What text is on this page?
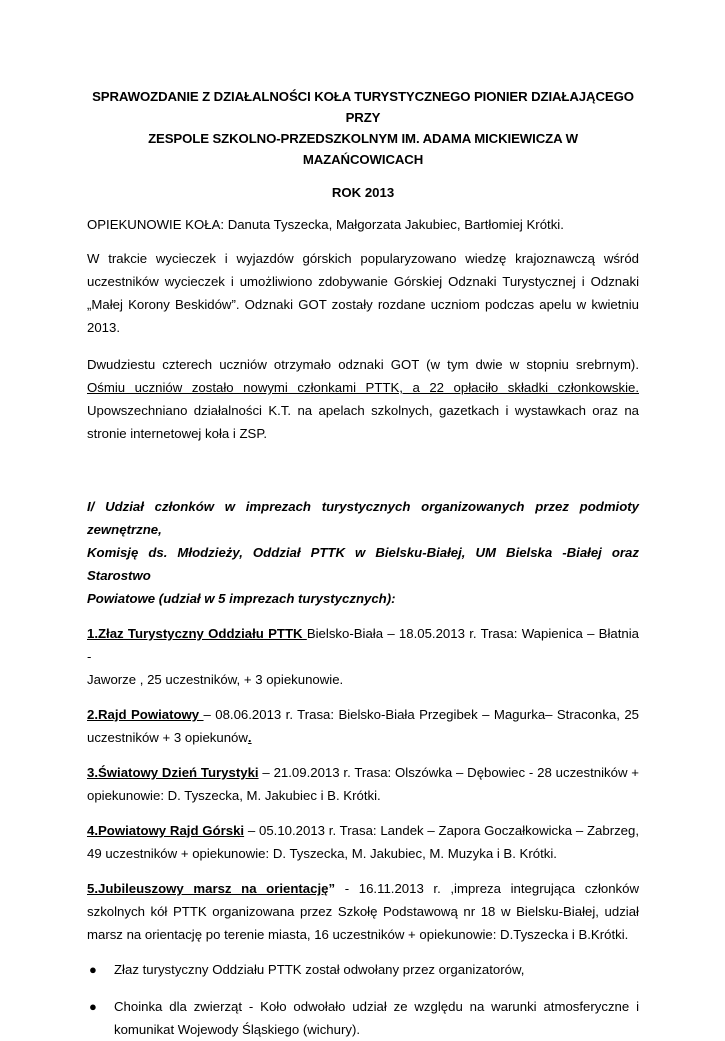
SPRAWOZDANIE Z DZIAŁALNOŚCI KOŁA TURYSTYCZNEGO PIONIER DZIAŁAJĄCEGO PRZY
ZESPOLE SZKOLNO-PRZEDSZKOLNYM IM. ADAMA MICKIEWICZA W MAZAŃCOWICACH
ROK 2013

OPIEKUNOWIE KOŁA: Danuta Tyszecka, Małgorzata Jakubiec, Bartłomiej Krótki.

W trakcie wycieczek i wyjazdów górskich popularyzowano wiedzę krajoznawczą wśród
uczestników wycieczek i umożliwiono zdobywanie Górskiej Odznaki Turystycznej i Odznaki
„Małej Korony Beskidów”. Odznaki GOT zostały rozdane uczniom podczas apelu w kwietniu
2013.

Dwudziestu czterech uczniów otrzymało odznaki GOT (w tym dwie w stopniu srebrnym).
Ośmiu uczniów zostało nowymi członkami PTTK, a 22 opłaciło składki członkowskie.
Upowszechniano działalności K.T. na apelach szkolnych, gazetkach i wystawkach oraz na
stronie internetowej koła i ZSP.

I/ Udział członków w imprezach turystycznych organizowanych przez podmioty zewnętrzne,
Komisję ds. Młodzieży, Oddział PTTK w Bielsku-Białej, UM Bielska -Białej oraz Starostwo
Powiatowe (udział w 5 imprezach turystycznych):

1.Złaz Turystyczny Oddziału PTTK Bielsko-Biała – 18.05.2013 r. Trasa: Wapienica – Błatnia -
Jaworze , 25 uczestników, + 3 opiekunowie.

2.Rajd Powiatowy – 08.06.2013 r. Trasa: Bielsko-Biała Przegibek – Magurka– Straconka, 25
uczestników + 3 opiekunów.

3.Światowy Dzień Turystyki – 21.09.2013 r. Trasa: Olszówka – Dębowiec - 28 uczestników +
opiekunowie: D. Tyszecka, M. Jakubiec i B. Krótki.

4.Powiatowy Rajd Górski – 05.10.2013 r. Trasa: Landek – Zapora Goczałkowicka – Zabrzeg,
49 uczestników + opiekunowie: D. Tyszecka, M. Jakubiec, M. Muzyka i B. Krótki.

5.Jubileuszowy marsz na orientację” - 16.11.2013 r. ,impreza integrująca członków
szkolnych kół PTTK organizowana przez Szkołę Podstawową nr 18 w Bielsku-Białej, udział
marsz na orientację po terenie miasta, 16 uczestników + opiekunowie: D.Tyszecka i B.Krótki.

● Złaz turystyczny Oddziału PTTK został odwołany przez organizatorów,
● Choinka dla zwierząt - Koło odwołało udział ze względu na warunki atmosferyczne i
komunikat Wojewody Śląskiego (wichury).
